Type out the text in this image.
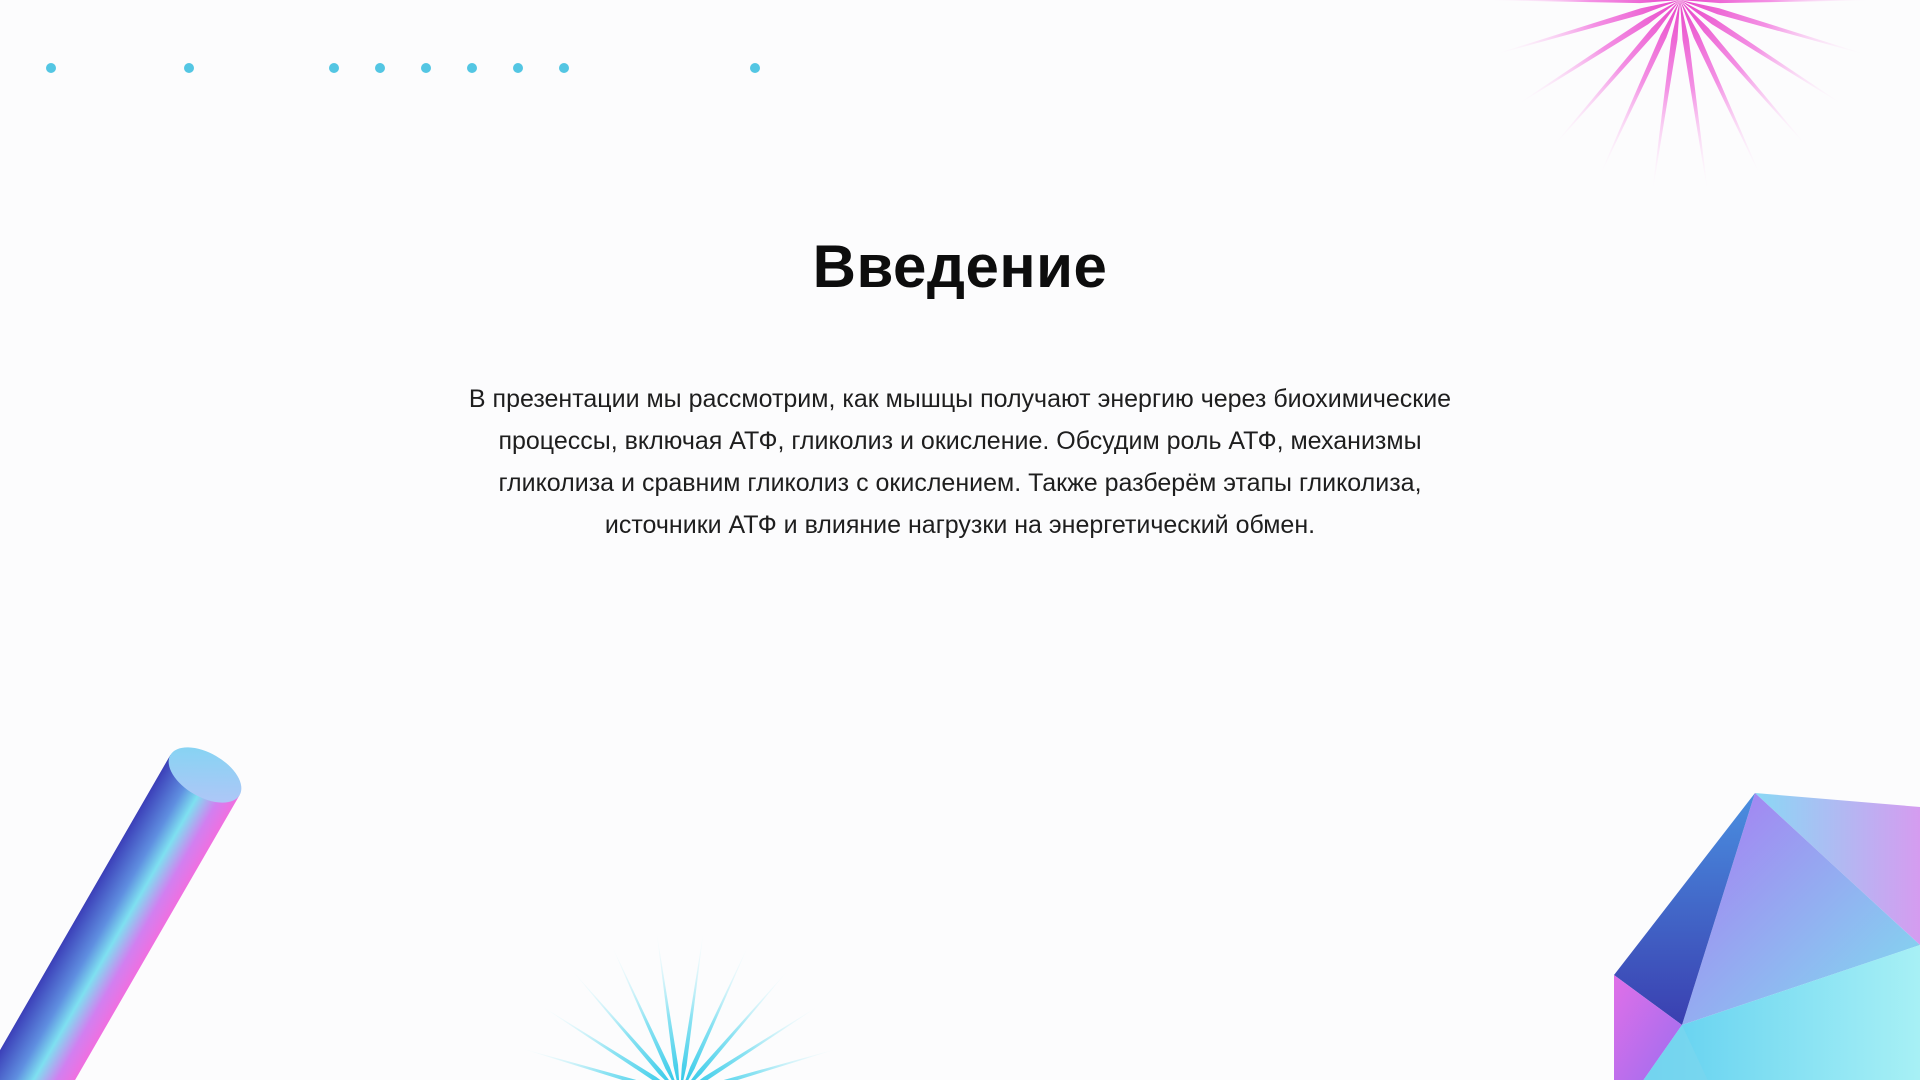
Введение
В презентации мы рассмотрим, как мышцы получают энергию через биохимические процессы, включая АТФ, гликолиз и окисление. Обсудим роль АТФ, механизмы гликолиза и сравним гликолиз с окислением. Также разберём этапы гликолиза, источники АТФ и влияние нагрузки на энергетический обмен.
